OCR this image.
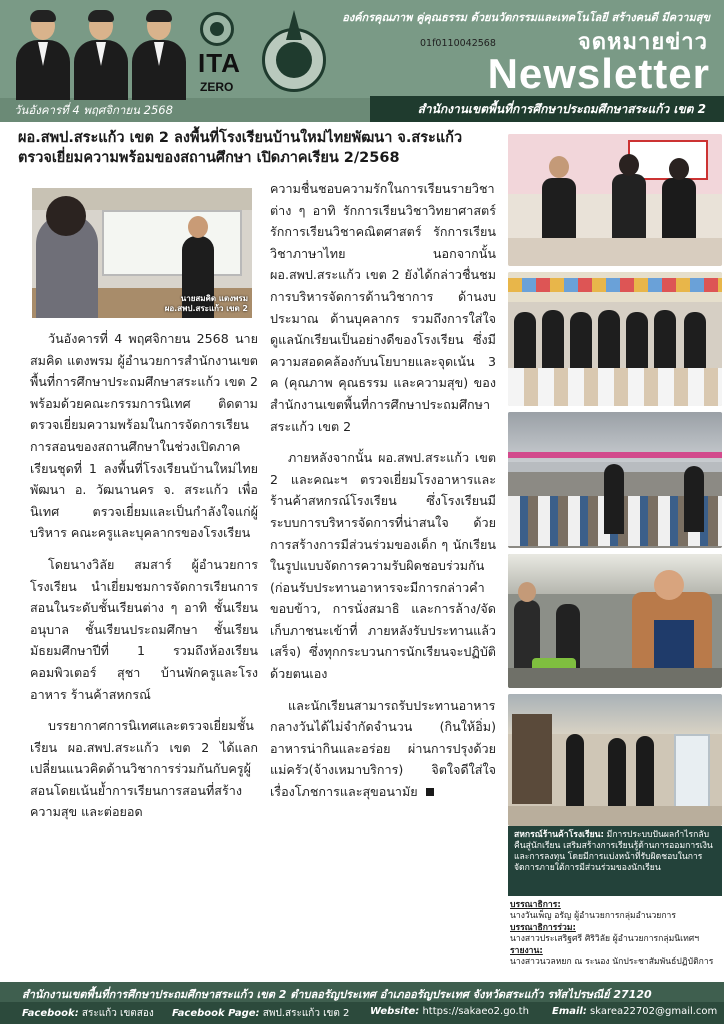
ITA
ZERO
องค์กรคุณภาพ คู่คุณธรรม ด้วยนวัตกรรมและเทคโนโลยี สร้างคนดี มีความสุข
01f0110042568	จดหมายข่าว
Newsletter
วันอังคารที่ 4 พฤศจิกายน 2568	สำนักงานเขตพื้นที่การศึกษาประถมศึกษาสระแก้ว เขต 2
ผอ.สพป.สระแก้ว เขต 2 ลงพื้นที่โรงเรียนบ้านใหม่ไทยพัฒนา จ.สระแก้ว
ตรวจเยี่ยมความพร้อมของสถานศึกษา เปิดภาคเรียน 2/2568
นายสมคิด แตงพรม
ผอ.สพป.สระแก้ว เขต 2

วันอังคารที่ 4 พฤศจิกายน 2568 นายสมคิด แตงพรม ผู้อำนวยการสำนักงานเขตพื้นที่การศึกษาประถมศึกษาสระแก้ว เขต 2 พร้อมด้วยคณะกรรมการนิเทศ ติดตาม ตรวจเยี่ยมความพร้อมในการจัดการเรียนการสอนของสถานศึกษาในช่วงเปิดภาคเรียนชุดที่ 1 ลงพื้นที่โรงเรียนบ้านใหม่ไทยพัฒนา อ. วัฒนานคร จ. สระแก้ว เพื่อนิเทศ ตรวจเยี่ยมและเป็นกำลังใจแก่ผู้บริหาร คณะครูและบุคลากรของโรงเรียน

โดยนางวิลัย สมสาร์ ผู้อำนวยการโรงเรียน นำเยี่ยมชมการจัดการเรียนการสอนในระดับชั้นเรียนต่าง ๆ อาทิ ชั้นเรียนอนุบาล ชั้นเรียนประถมศึกษา ชั้นเรียนมัธยมศึกษาปีที่ 1 รวมถึงห้องเรียนคอมพิวเตอร์ สุชา บ้านพักครูและโรงอาหาร ร้านค้าสหกรณ์

บรรยากาศการนิเทศและตรวจเยี่ยมชั้นเรียน ผอ.สพป.สระแก้ว เขต 2 ได้แลกเปลี่ยนแนวคิดด้านวิชาการร่วมกันกับครูผู้สอนโดยเน้นย้ำการเรียนการสอนที่สร้างความสุข และต่อยอด

ความชื่นชอบความรักในการเรียนรายวิชาต่าง ๆ อาทิ รักการเรียนวิชาวิทยาศาสตร์ รักการเรียนวิชาคณิตศาสตร์ รักการเรียนวิชาภาษาไทย นอกจากนั้น ผอ.สพป.สระแก้ว เขต 2 ยังได้กล่าวชื่นชมการบริหารจัดการด้านวิชาการ ด้านงบประมาณ ด้านบุคลากร รวมถึงการใส่ใจดูแลนักเรียนเป็นอย่างดีของโรงเรียน ซึ่งมีความสอดคล้องกับนโยบายและจุดเน้น 3 ค (คุณภาพ คุณธรรม และความสุข) ของสำนักงานเขตพื้นที่การศึกษาประถมศึกษาสระแก้ว เขต 2

ภายหลังจากนั้น ผอ.สพป.สระแก้ว เขต 2 และคณะฯ ตรวจเยี่ยมโรงอาหารและร้านค้าสหกรณ์โรงเรียน ซึ่งโรงเรียนมีระบบการบริหารจัดการที่น่าสนใจ ด้วยการสร้างการมีส่วนร่วมของเด็ก ๆ นักเรียนในรูปแบบจัดการความรับผิดชอบร่วมกัน (ก่อนรับประทานอาหารจะมีการกล่าวคำขอบข้าว, การนั่งสมาธิ และการล้าง/จัดเก็บภาชนะเข้าที่ ภายหลังรับประทานแล้วเสร็จ) ซึ่งทุกกระบวนการนักเรียนจะปฏิบัติด้วยตนเอง

และนักเรียนสามารถรับประทานอาหารกลางวันได้ไม่จำกัดจำนวน (กินให้อิ่ม) อาหารน่ากินและอร่อย ผ่านการปรุงด้วยแม่ครัว(จ้างเหมาบริการ) จิตใจดีใส่ใจเรื่องโภชการและสุขอนามัย

สหกรณ์ร้านค้าโรงเรียน: มีการประบบปันผลกำไรกลับคืนสู่นักเรียน เสริมสร้างการเรียนรู้ด้านการออมการเงินและการลงทุน โดยมีการแบ่งหน้าที่รับผิดชอบในการจัดการภายใต้การมีส่วนร่วมของนักเรียน
บรรณาธิการ:
นางวันเพ็ญ อรัญ ผู้อำนวยการกลุ่มอำนวยการ
บรรณาธิการร่วม:
นางสาวประเสริฐศรี ศิริวิลัย ผู้อำนวยการกลุ่มนิเทศฯ
รายงาน:
นางสาวนวลหยก ณ ระนอง นักประชาสัมพันธ์ปฏิบัติการ
สำนักงานเขตพื้นที่การศึกษาประถมศึกษาสระแก้ว เขต 2 ตำบลอรัญประเทศ อำเภออรัญประเทศ จังหวัดสระแก้ว รหัสไปรษณีย์ 27120
Facebook: สระแก้ว เขตสอง Facebook Page: สพป.สระแก้ว เขต 2 Website: https://sakaeo2.go.th Email: skarea22702@gmail.com
